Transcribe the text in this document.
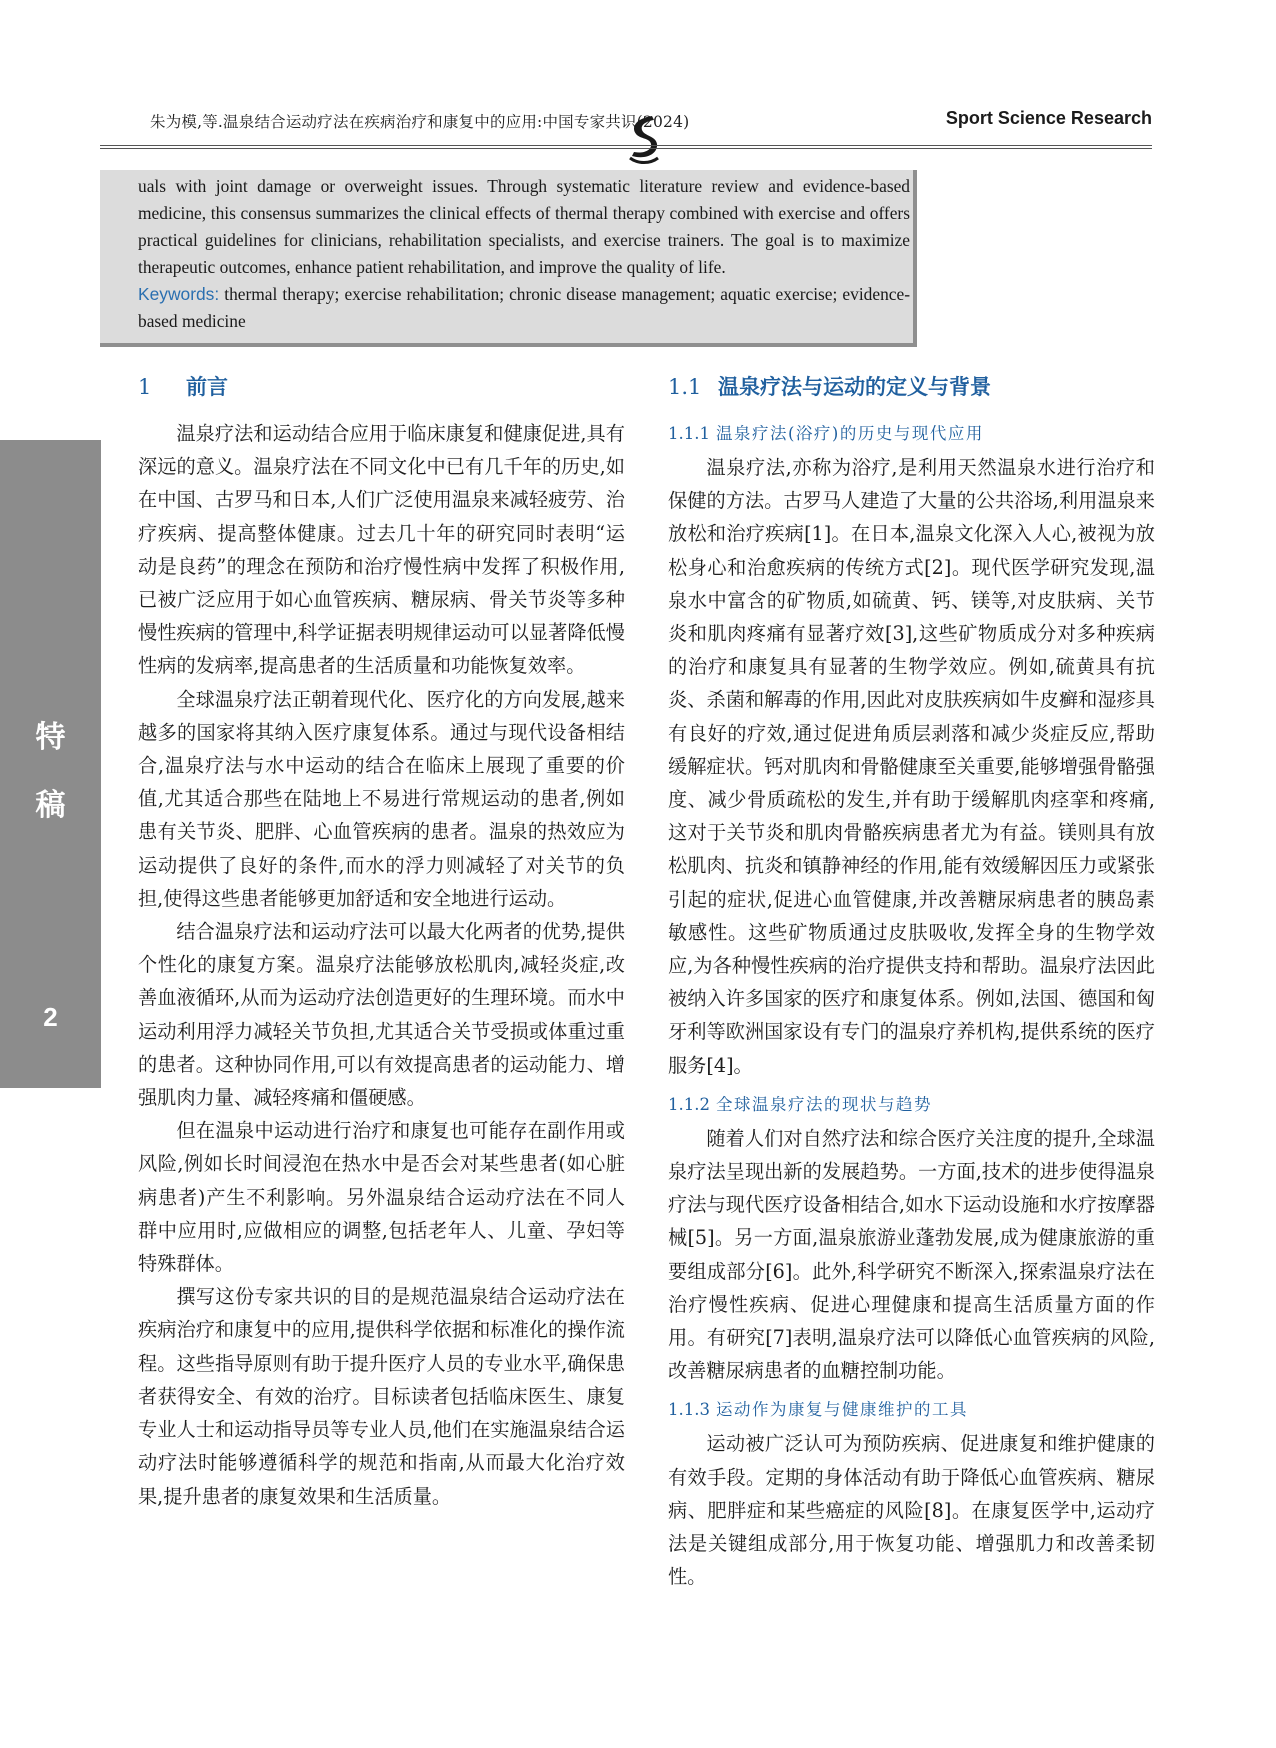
朱为模,等.温泉结合运动疗法在疾病治疗和康复中的应用:中国专家共识(2024)	Sport Science Research

uals with joint damage or overweight issues. Through systematic literature review and evidence-based medicine, this consensus summarizes the clinical effects of thermal therapy combined with exercise and offers practical guidelines for clinicians, rehabilitation specialists, and exercise trainers. The goal is to maximize therapeutic outcomes, enhance patient rehabilitation, and improve the quality of life.

Keywords: thermal therapy; exercise rehabilitation; chronic disease management; aquatic exercise; evidence-based medicine

特
稿
2
1 前言

温泉疗法和运动结合应用于临床康复和健康促进,具有深远的意义。温泉疗法在不同文化中已有几千年的历史,如在中国、古罗马和日本,人们广泛使用温泉来减轻疲劳、治疗疾病、提高整体健康。过去几十年的研究同时表明“运动是良药”的理念在预防和治疗慢性病中发挥了积极作用,已被广泛应用于如心血管疾病、糖尿病、骨关节炎等多种慢性疾病的管理中,科学证据表明规律运动可以显著降低慢性病的发病率,提高患者的生活质量和功能恢复效率。

全球温泉疗法正朝着现代化、医疗化的方向发展,越来越多的国家将其纳入医疗康复体系。通过与现代设备相结合,温泉疗法与水中运动的结合在临床上展现了重要的价值,尤其适合那些在陆地上不易进行常规运动的患者,例如患有关节炎、肥胖、心血管疾病的患者。温泉的热效应为运动提供了良好的条件,而水的浮力则减轻了对关节的负担,使得这些患者能够更加舒适和安全地进行运动。

结合温泉疗法和运动疗法可以最大化两者的优势,提供个性化的康复方案。温泉疗法能够放松肌肉,减轻炎症,改善血液循环,从而为运动疗法创造更好的生理环境。而水中运动利用浮力减轻关节负担,尤其适合关节受损或体重过重的患者。这种协同作用,可以有效提高患者的运动能力、增强肌肉力量、减轻疼痛和僵硬感。

但在温泉中运动进行治疗和康复也可能存在副作用或风险,例如长时间浸泡在热水中是否会对某些患者(如心脏病患者)产生不利影响。另外温泉结合运动疗法在不同人群中应用时,应做相应的调整,包括老年人、儿童、孕妇等特殊群体。

撰写这份专家共识的目的是规范温泉结合运动疗法在疾病治疗和康复中的应用,提供科学依据和标准化的操作流程。这些指导原则有助于提升医疗人员的专业水平,确保患者获得安全、有效的治疗。目标读者包括临床医生、康复专业人士和运动指导员等专业人员,他们在实施温泉结合运动疗法时能够遵循科学的规范和指南,从而最大化治疗效果,提升患者的康复效果和生活质量。

1.1 温泉疗法与运动的定义与背景
1.1.1 温泉疗法(浴疗)的历史与现代应用

温泉疗法,亦称为浴疗,是利用天然温泉水进行治疗和保健的方法。古罗马人建造了大量的公共浴场,利用温泉来放松和治疗疾病[1]。在日本,温泉文化深入人心,被视为放松身心和治愈疾病的传统方式[2]。现代医学研究发现,温泉水中富含的矿物质,如硫黄、钙、镁等,对皮肤病、关节炎和肌肉疼痛有显著疗效[3],这些矿物质成分对多种疾病的治疗和康复具有显著的生物学效应。例如,硫黄具有抗炎、杀菌和解毒的作用,因此对皮肤疾病如牛皮癣和湿疹具有良好的疗效,通过促进角质层剥落和减少炎症反应,帮助缓解症状。钙对肌肉和骨骼健康至关重要,能够增强骨骼强度、减少骨质疏松的发生,并有助于缓解肌肉痉挛和疼痛,这对于关节炎和肌肉骨骼疾病患者尤为有益。镁则具有放松肌肉、抗炎和镇静神经的作用,能有效缓解因压力或紧张引起的症状,促进心血管健康,并改善糖尿病患者的胰岛素敏感性。这些矿物质通过皮肤吸收,发挥全身的生物学效应,为各种慢性疾病的治疗提供支持和帮助。温泉疗法因此被纳入许多国家的医疗和康复体系。例如,法国、德国和匈牙利等欧洲国家设有专门的温泉疗养机构,提供系统的医疗服务[4]。

1.1.2 全球温泉疗法的现状与趋势

随着人们对自然疗法和综合医疗关注度的提升,全球温泉疗法呈现出新的发展趋势。一方面,技术的进步使得温泉疗法与现代医疗设备相结合,如水下运动设施和水疗按摩器械[5]。另一方面,温泉旅游业蓬勃发展,成为健康旅游的重要组成部分[6]。此外,科学研究不断深入,探索温泉疗法在治疗慢性疾病、促进心理健康和提高生活质量方面的作用。有研究[7]表明,温泉疗法可以降低心血管疾病的风险,改善糖尿病患者的血糖控制功能。

1.1.3 运动作为康复与健康维护的工具

运动被广泛认可为预防疾病、促进康复和维护健康的有效手段。定期的身体活动有助于降低心血管疾病、糖尿病、肥胖症和某些癌症的风险[8]。在康复医学中,运动疗法是关键组成部分,用于恢复功能、增强肌力和改善柔韧性。
